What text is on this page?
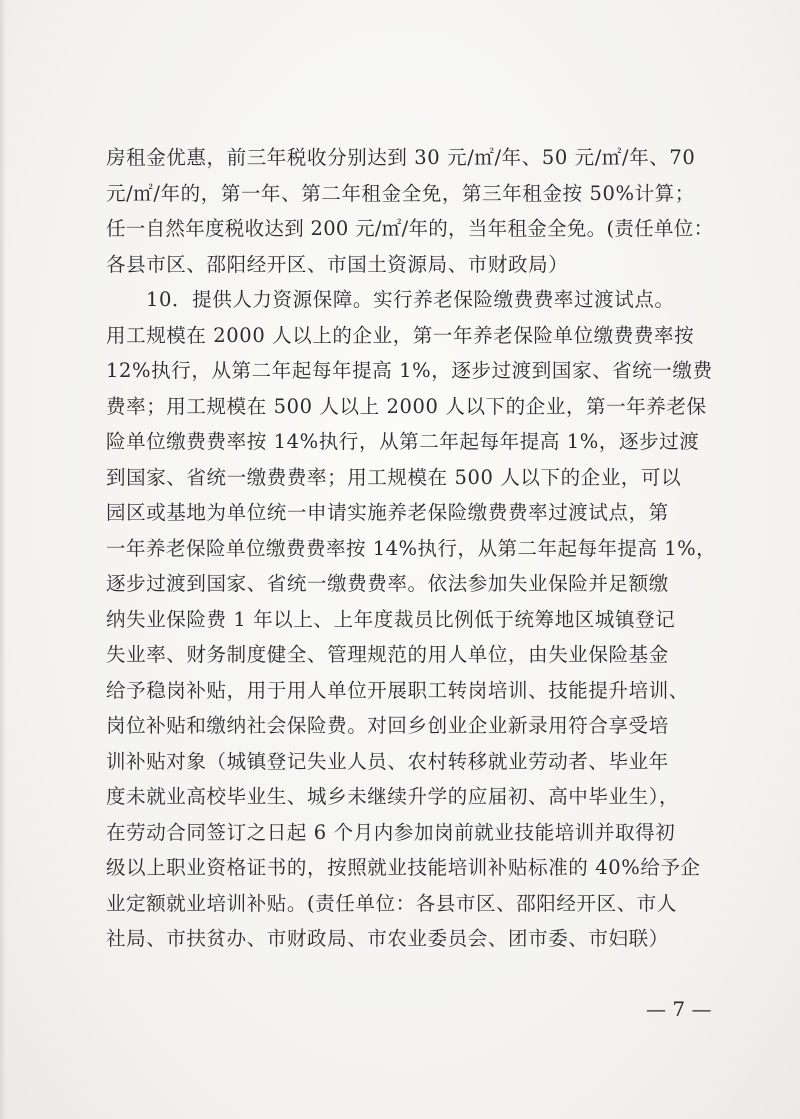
房租金优惠，前三年税收分别达到 30 元/㎡/年、50 元/㎡/年、70
元/㎡/年的，第一年、第二年租金全免，第三年租金按 50%计算；
任一自然年度税收达到 200 元/㎡/年的，当年租金全免。(责任单位：
各县市区、邵阳经开区、市国土资源局、市财政局）
10．提供人力资源保障。实行养老保险缴费费率过渡试点。
用工规模在 2000 人以上的企业，第一年养老保险单位缴费费率按
12%执行，从第二年起每年提高 1%，逐步过渡到国家、省统一缴费
费率；用工规模在 500 人以上 2000 人以下的企业，第一年养老保
险单位缴费费率按 14%执行，从第二年起每年提高 1%，逐步过渡
到国家、省统一缴费费率；用工规模在 500 人以下的企业，可以
园区或基地为单位统一申请实施养老保险缴费费率过渡试点，第
一年养老保险单位缴费费率按 14%执行，从第二年起每年提高 1%，
逐步过渡到国家、省统一缴费费率。依法参加失业保险并足额缴
纳失业保险费 1 年以上、上年度裁员比例低于统筹地区城镇登记
失业率、财务制度健全、管理规范的用人单位，由失业保险基金
给予稳岗补贴，用于用人单位开展职工转岗培训、技能提升培训、
岗位补贴和缴纳社会保险费。对回乡创业企业新录用符合享受培
训补贴对象（城镇登记失业人员、农村转移就业劳动者、毕业年
度未就业高校毕业生、城乡未继续升学的应届初、高中毕业生），
在劳动合同签订之日起 6 个月内参加岗前就业技能培训并取得初
级以上职业资格证书的，按照就业技能培训补贴标准的 40%给予企
业定额就业培训补贴。(责任单位：各县市区、邵阳经开区、市人
社局、市扶贫办、市财政局、市农业委员会、团市委、市妇联）
— 7 —
